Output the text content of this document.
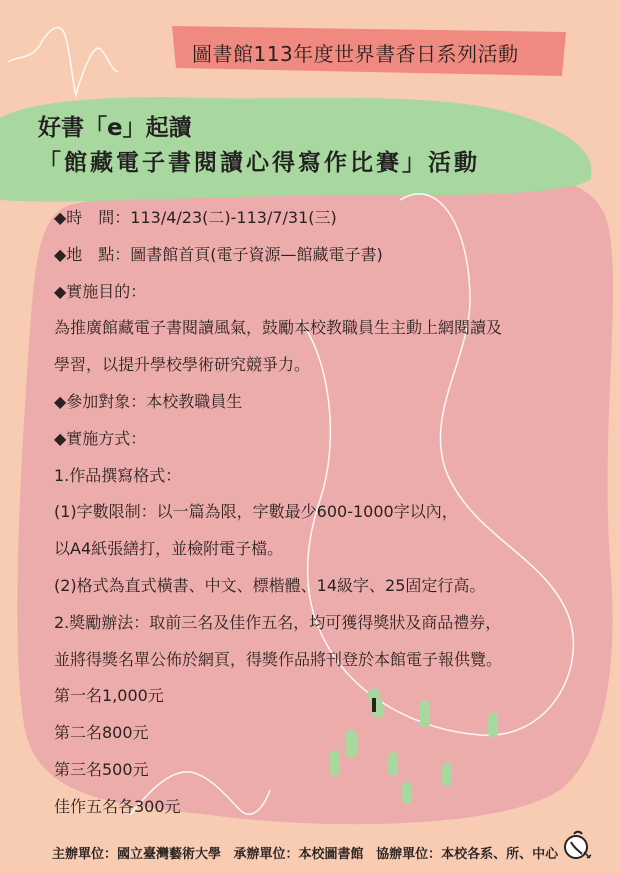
圖書館113年度世界書香日系列活動
好書「e」起讀
「館藏電子書閱讀心得寫作比賽」活動
◆時　間：113/4/23(二)-113/7/31(三)
◆地　點：圖書館首頁(電子資源—館藏電子書)
◆實施目的：
為推廣館藏電子書閱讀風氣，鼓勵本校教職員生主動上網閱讀及
學習，以提升學校學術研究競爭力。
◆參加對象：本校教職員生
◆實施方式：
1.作品撰寫格式：
(1)字數限制：以一篇為限，字數最少600-1000字以內，
以A4紙張繕打，並檢附電子檔。
(2)格式為直式橫書、中文、標楷體、14級字、25固定行高。
2.獎勵辦法：取前三名及佳作五名，均可獲得獎狀及商品禮券，
並將得獎名單公佈於網頁，得獎作品將刊登於本館電子報供覽。
第一名1,000元
第二名800元
第三名500元
佳作五名各300元
主辦單位：國立臺灣藝術大學 承辦單位：本校圖書館 協辦單位：本校各系、所、中心
